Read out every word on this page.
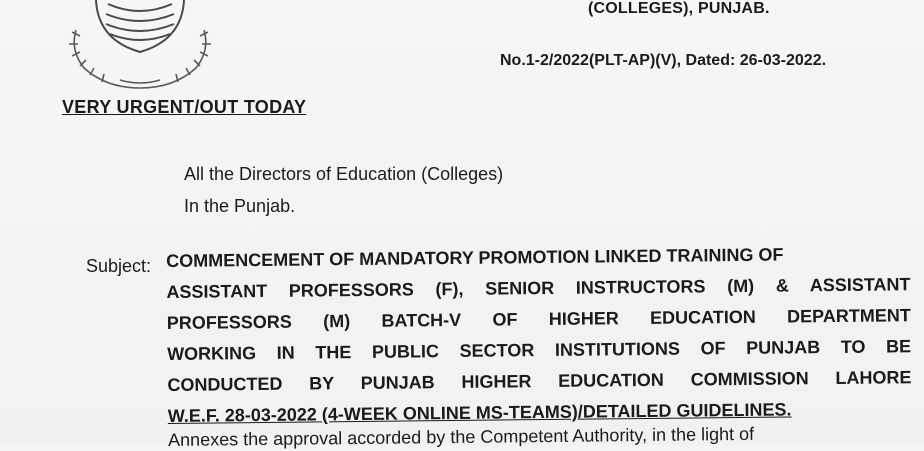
(COLLEGES), PUNJAB.
No.1-2/2022(PLT-AP)(V), Dated: 26-03-2022.
VERY URGENT/OUT TODAY
All the Directors of Education (Colleges)
In the Punjab.
Subject: COMMENCEMENT OF MANDATORY PROMOTION LINKED TRAINING OF
ASSISTANT PROFESSORS (F), SENIOR INSTRUCTORS (M) & ASSISTANT
PROFESSORS (M) BATCH-V OF HIGHER EDUCATION DEPARTMENT
WORKING IN THE PUBLIC SECTOR INSTITUTIONS OF PUNJAB TO BE
CONDUCTED BY PUNJAB HIGHER EDUCATION COMMISSION LAHORE
W.E.F. 28-03-2022 (4-WEEK ONLINE MS-TEAMS)/DETAILED GUIDELINES.
Annexes the approval accorded by the Competent Authority, in the light of
